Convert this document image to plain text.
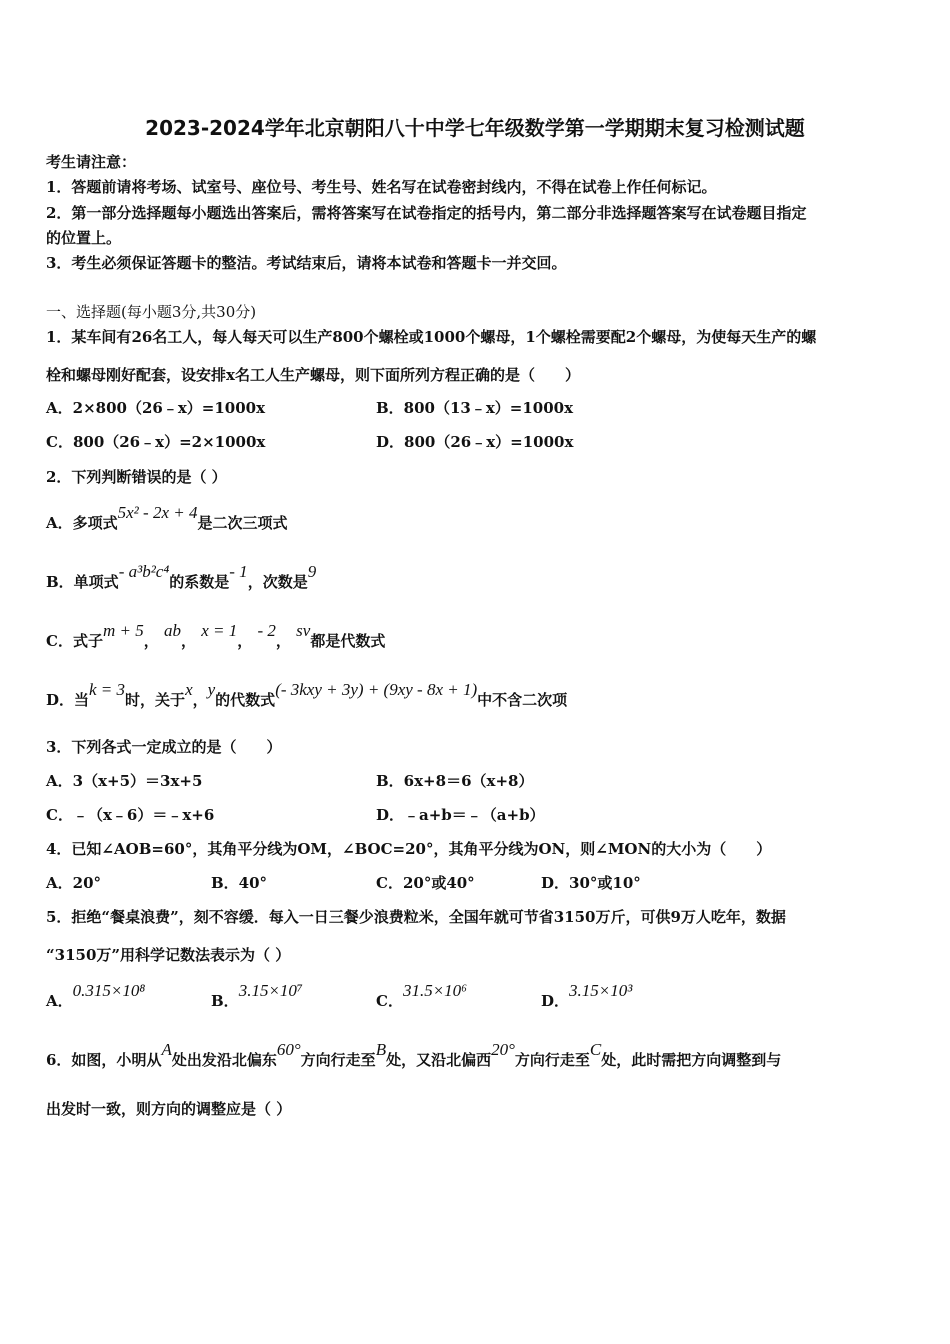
2023-2024学年北京朝阳八十中学七年级数学第一学期期末复习检测试题
考生请注意：
1．答题前请将考场、试室号、座位号、考生号、姓名写在试卷密封线内，不得在试卷上作任何标记。
2．第一部分选择题每小题选出答案后，需将答案写在试卷指定的括号内，第二部分非选择题答案写在试卷题目指定
的位置上。
3．考生必须保证答题卡的整洁。考试结束后，请将本试卷和答题卡一并交回。
一、选择题(每小题3分,共30分)
1．某车间有26名工人，每人每天可以生产800个螺栓或1000个螺母，1个螺栓需要配2个螺母，为使每天生产的螺
栓和螺母刚好配套，设安排x名工人生产螺母，则下面所列方程正确的是（　　）
A．2×800（26﹣x）=1000x	B．800（13﹣x）=1000x
C．800（26﹣x）=2×1000x	D．800（26﹣x）=1000x
2．下列判断错误的是（ ）
A．多项式5x² - 2x + 4是二次三项式
B．单项式- a³b²c⁴的系数是- 1，次数是9
C．式子m + 5， ab， x = 1， - 2， sv都是代数式
D．当k = 3时，关于x，y的代数式(- 3kxy + 3y) + (9xy - 8x + 1)中不含二次项
3．下列各式一定成立的是（　　）
A．3（x+5）＝3x+5	B．6x+8＝6（x+8）
C．﹣（x﹣6）＝﹣x+6	D．﹣a+b＝﹣（a+b）
4．已知∠AOB=60°，其角平分线为OM，∠BOC=20°，其角平分线为ON，则∠MON的大小为（　　）
A．20°	B．40°	C．20°或40°	D．30°或10°
5．拒绝“餐桌浪费”，刻不容缓．每入一日三餐少浪费粒米，全国年就可节省3150万斤，可供9万人吃年，数据
“3150万”用科学记数法表示为（ ）
A．0.315×10⁸
B．3.15×10⁷
C．31.5×10⁶
D．3.15×10³
6．如图，小明从A处出发沿北偏东60°方向行走至B处，又沿北偏西20°方向行走至C处，此时需把方向调整到与
出发时一致，则方向的调整应是（ ）
